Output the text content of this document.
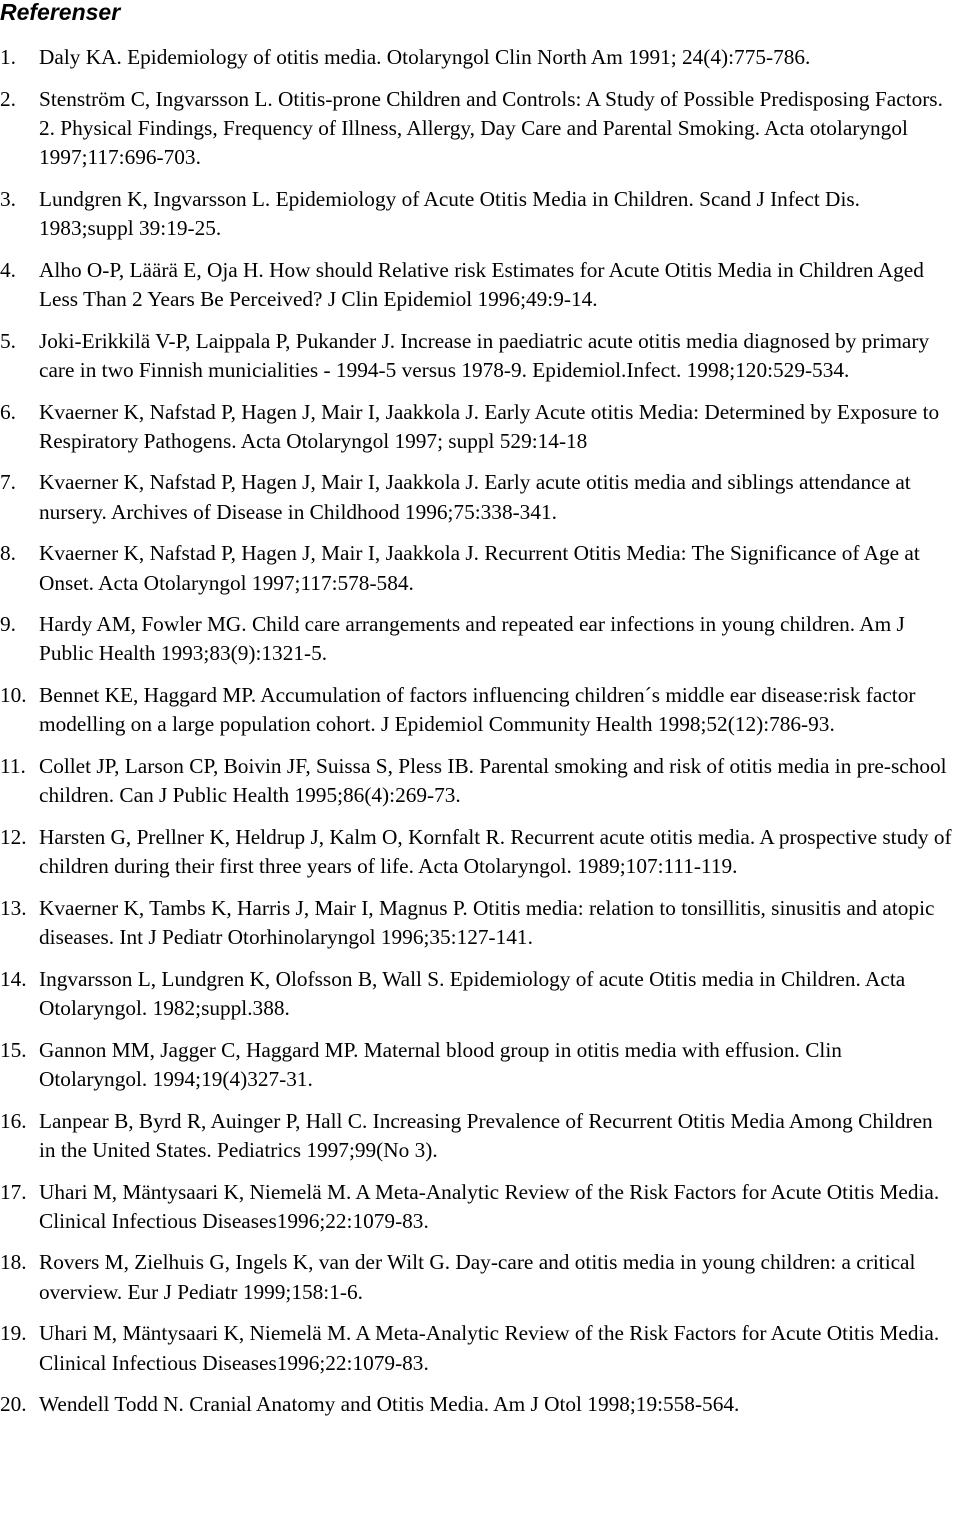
Referenser
1. Daly KA. Epidemiology of otitis media. Otolaryngol Clin North Am 1991; 24(4):775-786.
2. Stenström C, Ingvarsson L. Otitis-prone Children and Controls: A Study of Possible Predisposing Factors. 2. Physical Findings, Frequency of Illness, Allergy, Day Care and Parental Smoking. Acta otolaryngol 1997;117:696-703.
3. Lundgren K, Ingvarsson L. Epidemiology of Acute Otitis Media in Children. Scand J Infect Dis. 1983;suppl 39:19-25.
4. Alho O-P, Läärä E, Oja H. How should Relative risk Estimates for Acute Otitis Media in Children Aged Less Than 2 Years Be Perceived? J Clin Epidemiol 1996;49:9-14.
5. Joki-Erikkilä V-P, Laippala P, Pukander J. Increase in paediatric acute otitis media diagnosed by primary care in two Finnish municialities - 1994-5 versus 1978-9. Epidemiol.Infect. 1998;120:529-534.
6. Kvaerner K, Nafstad P, Hagen J, Mair I, Jaakkola J. Early Acute otitis Media: Determined by Exposure to Respiratory Pathogens. Acta Otolaryngol 1997; suppl 529:14-18
7. Kvaerner K, Nafstad P, Hagen J, Mair I, Jaakkola J. Early acute otitis media and siblings attendance at nursery. Archives of Disease in Childhood 1996;75:338-341.
8. Kvaerner K, Nafstad P, Hagen J, Mair I, Jaakkola J. Recurrent Otitis Media: The Significance of Age at Onset. Acta Otolaryngol 1997;117:578-584.
9. Hardy AM, Fowler MG. Child care arrangements and repeated ear infections in young children. Am J Public Health 1993;83(9):1321-5.
10. Bennet KE, Haggard MP. Accumulation of factors influencing children´s middle ear disease:risk factor modelling on a large population cohort. J Epidemiol Community Health 1998;52(12):786-93.
11. Collet JP, Larson CP, Boivin JF, Suissa S, Pless IB. Parental smoking and risk of otitis media in pre-school children. Can J Public Health 1995;86(4):269-73.
12. Harsten G, Prellner K, Heldrup J, Kalm O, Kornfalt R. Recurrent acute otitis media. A prospective study of children during their first three years of life. Acta Otolaryngol. 1989;107:111-119.
13. Kvaerner K, Tambs K, Harris J, Mair I, Magnus P. Otitis media: relation to tonsillitis, sinusitis and atopic diseases. Int J Pediatr Otorhinolaryngol 1996;35:127-141.
14. Ingvarsson L, Lundgren K, Olofsson B, Wall S. Epidemiology of acute Otitis media in Children. Acta Otolaryngol. 1982;suppl.388.
15. Gannon MM, Jagger C, Haggard MP. Maternal blood group in otitis media with effusion. Clin Otolaryngol. 1994;19(4)327-31.
16. Lanpear B, Byrd R, Auinger P, Hall C. Increasing Prevalence of Recurrent Otitis Media Among Children in the United States. Pediatrics 1997;99(No 3).
17. Uhari M, Mäntysaari K, Niemelä M. A Meta-Analytic Review of the Risk Factors for Acute Otitis Media. Clinical Infectious Diseases1996;22:1079-83.
18. Rovers M, Zielhuis G, Ingels K, van der Wilt G. Day-care and otitis media in young children: a critical overview. Eur J Pediatr 1999;158:1-6.
19. Uhari M, Mäntysaari K, Niemelä M. A Meta-Analytic Review of the Risk Factors for Acute Otitis Media. Clinical Infectious Diseases1996;22:1079-83.
20. Wendell Todd N. Cranial Anatomy and Otitis Media. Am J Otol 1998;19:558-564.
